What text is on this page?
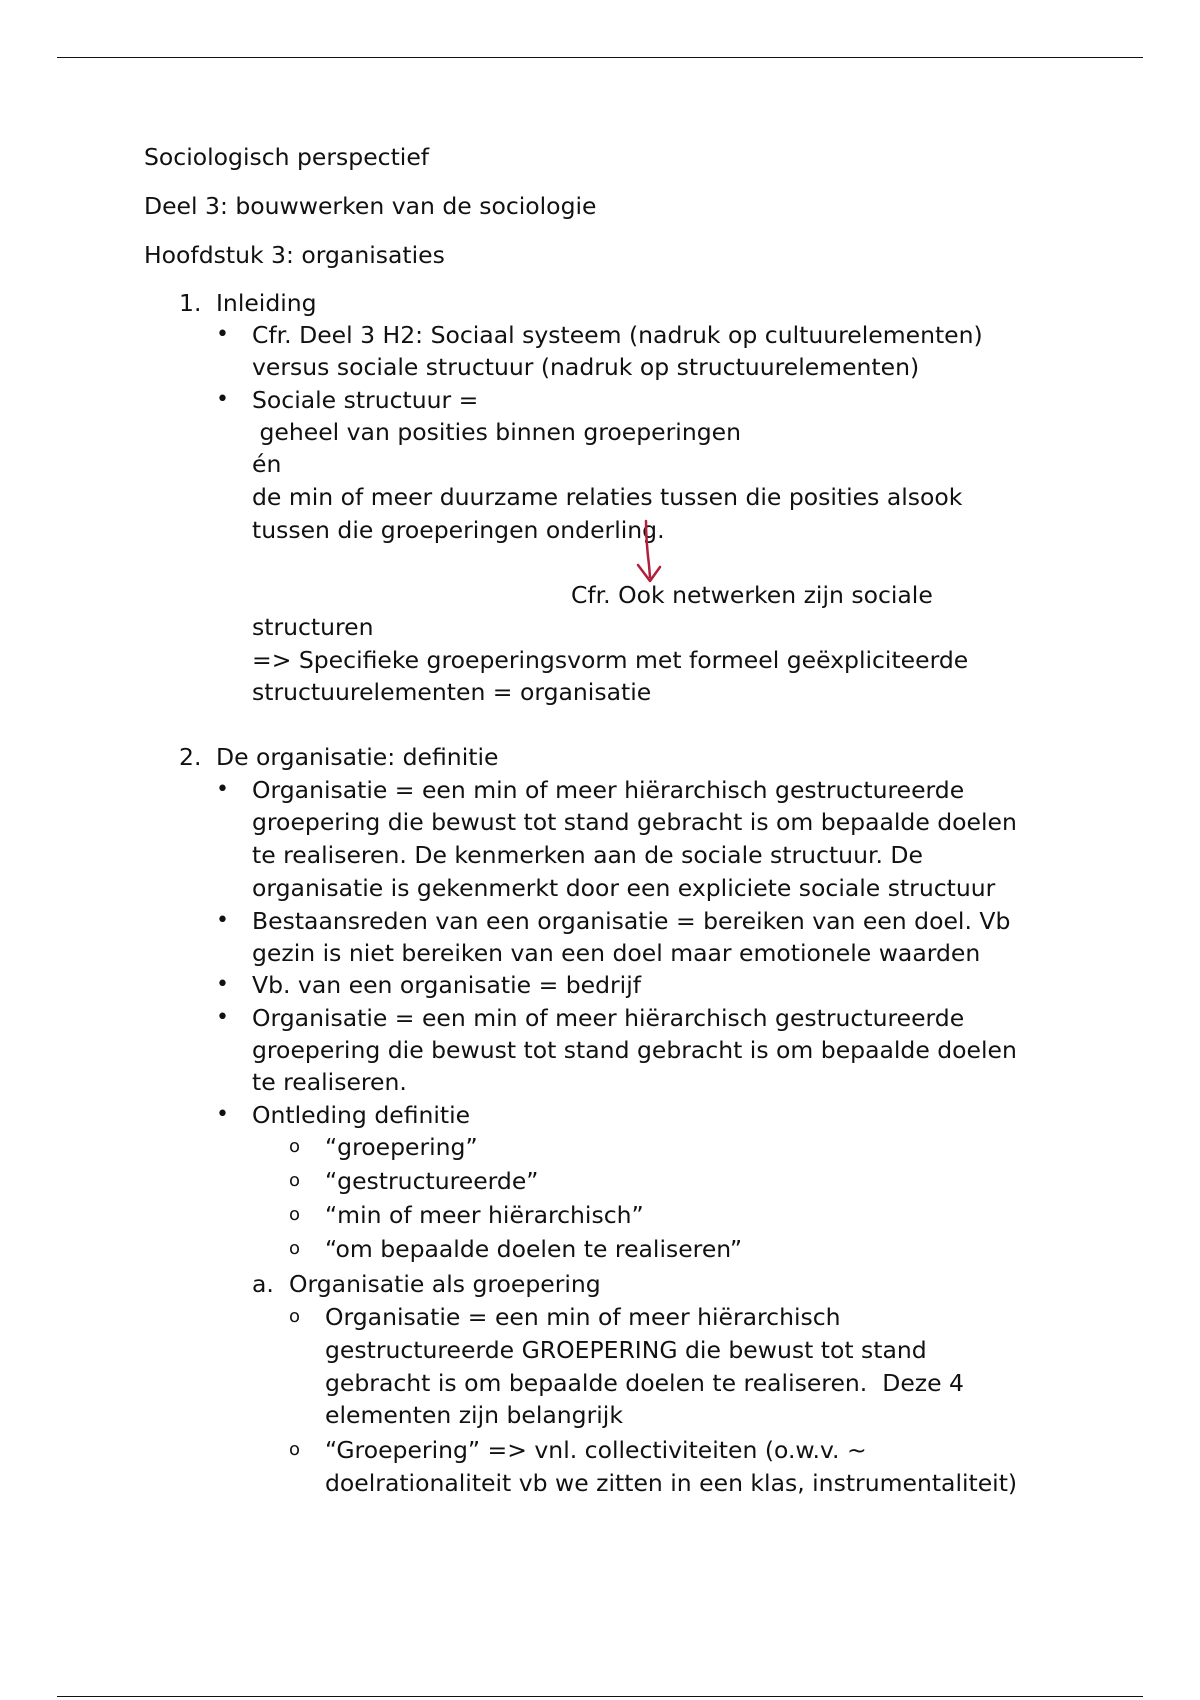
Sociologisch perspectief
Deel 3: bouwwerken van de sociologie
Hoofdstuk 3: organisaties
1. Inleiding
• Cfr. Deel 3 H2: Sociaal systeem (nadruk op cultuurelementen)
versus sociale structuur (nadruk op structuurelementen)
• Sociale structuur =
geheel van posities binnen groeperingen
én
de min of meer duurzame relaties tussen die posities alsook
tussen die groeperingen onderling.
Cfr. Ook netwerken zijn sociale
structuren
=> Specifieke groeperingsvorm met formeel geëxpliciteerde
structuurelementen = organisatie
2. De organisatie: definitie
• Organisatie = een min of meer hiërarchisch gestructureerde
groepering die bewust tot stand gebracht is om bepaalde doelen
te realiseren. De kenmerken aan de sociale structuur. De
organisatie is gekenmerkt door een expliciete sociale structuur
• Bestaansreden van een organisatie = bereiken van een doel. Vb
gezin is niet bereiken van een doel maar emotionele waarden
• Vb. van een organisatie = bedrijf
• Organisatie = een min of meer hiërarchisch gestructureerde
groepering die bewust tot stand gebracht is om bepaalde doelen
te realiseren.
• Ontleding definitie
o “groepering”
o “gestructureerde”
o “min of meer hiërarchisch”
o “om bepaalde doelen te realiseren”
a. Organisatie als groepering
o Organisatie = een min of meer hiërarchisch
gestructureerde GROEPERING die bewust tot stand
gebracht is om bepaalde doelen te realiseren.  Deze 4
elementen zijn belangrijk
o “Groepering” => vnl. collectiviteiten (o.w.v. ~
doelrationaliteit vb we zitten in een klas, instrumentaliteit)
